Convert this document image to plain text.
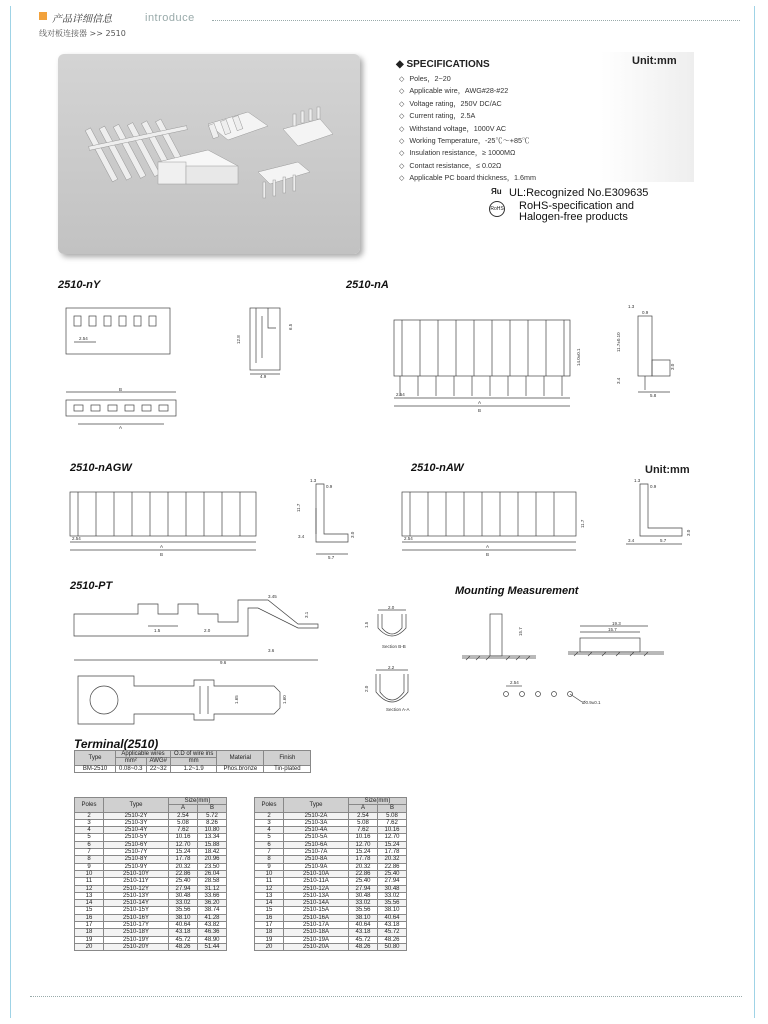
产品详细信息	introduce
线对板连接器 >> 2510
Unit:mm
◆ SPECIFICATIONS
◇ Poles，2~20
◇ Applicable wire，AWG#28-#22
◇ Voltage rating，250V DC/AC
◇ Current rating，2.5A
◇ Withstand voltage，1000V AC
◇ Working Temperature，-25℃～+85℃
◇ Insulation resistance，≥ 1000MΩ
◇ Contact resistance，≤ 0.02Ω
◇ Applicable PC board thickness，1.6mm
Яu UL:Recognized No.E309635
RoHS RoHS-specification and
Halogen-free products
2510-nY	2510-nA
2510-nAGW	2510-nAW	Unit:mm
2510-PT	Mounting Measurement
2.54
4.9
12.8
6.5
B
A
2.54
A
B
14.0±0.1
1.3
0.9
11.7±0.10
3.4
3.0
5.8
2.54
A
B
1.3
0.9
3.4	3.0
11.7
5.7
2.54
A
B
11.7
1.3
0.9
3.0
3.4	5.7
1.5	2.0
3.45
3.1
3.6
9.6
1.60
1.65
2.0
1.5
Section B-B
2.2
2.0
Section A-A
15.7
19.3
15.7
2.54
Ø0.9±0.1
Terminal(2510)
Type	Applicable wires		O.D of wire ins	Material	Finish
	mm²	AWG#	mm		
BM-2510	0.08~0.3	22~32	1.2~1.9	Phos.bronze	Tin-plated
Poles	Type	Size(mm)	
		A	B
2	2510-2Y	2.54	5.72
3	2510-3Y	5.08	8.26
4	2510-4Y	7.62	10.80
5	2510-5Y	10.16	13.34
6	2510-6Y	12.70	15.88
7	2510-7Y	15.24	18.42
8	2510-8Y	17.78	20.96
9	2510-9Y	20.32	23.50
10	2510-10Y	22.86	26.04
11	2510-11Y	25.40	28.58
12	2510-12Y	27.94	31.12
13	2510-13Y	30.48	33.66
14	2510-14Y	33.02	36.20
15	2510-15Y	35.56	38.74
16	2510-16Y	38.10	41.28
17	2510-17Y	40.64	43.82
18	2510-18Y	43.18	46.36
19	2510-19Y	45.72	48.90
20	2510-20Y	48.26	51.44
Poles	Type	Size(mm)	
		A	B
2	2510-2A	2.54	5.08
3	2510-3A	5.08	7.62
4	2510-4A	7.62	10.16
5	2510-5A	10.16	12.70
6	2510-6A	12.70	15.24
7	2510-7A	15.24	17.78
8	2510-8A	17.78	20.32
9	2510-9A	20.32	22.86
10	2510-10A	22.86	25.40
11	2510-11A	25.40	27.94
12	2510-12A	27.94	30.48
13	2510-13A	30.48	33.02
14	2510-14A	33.02	35.56
15	2510-15A	35.56	38.10
16	2510-16A	38.10	40.64
17	2510-17A	40.64	43.18
18	2510-18A	43.18	45.72
19	2510-19A	45.72	48.26
20	2510-20A	48.26	50.80
